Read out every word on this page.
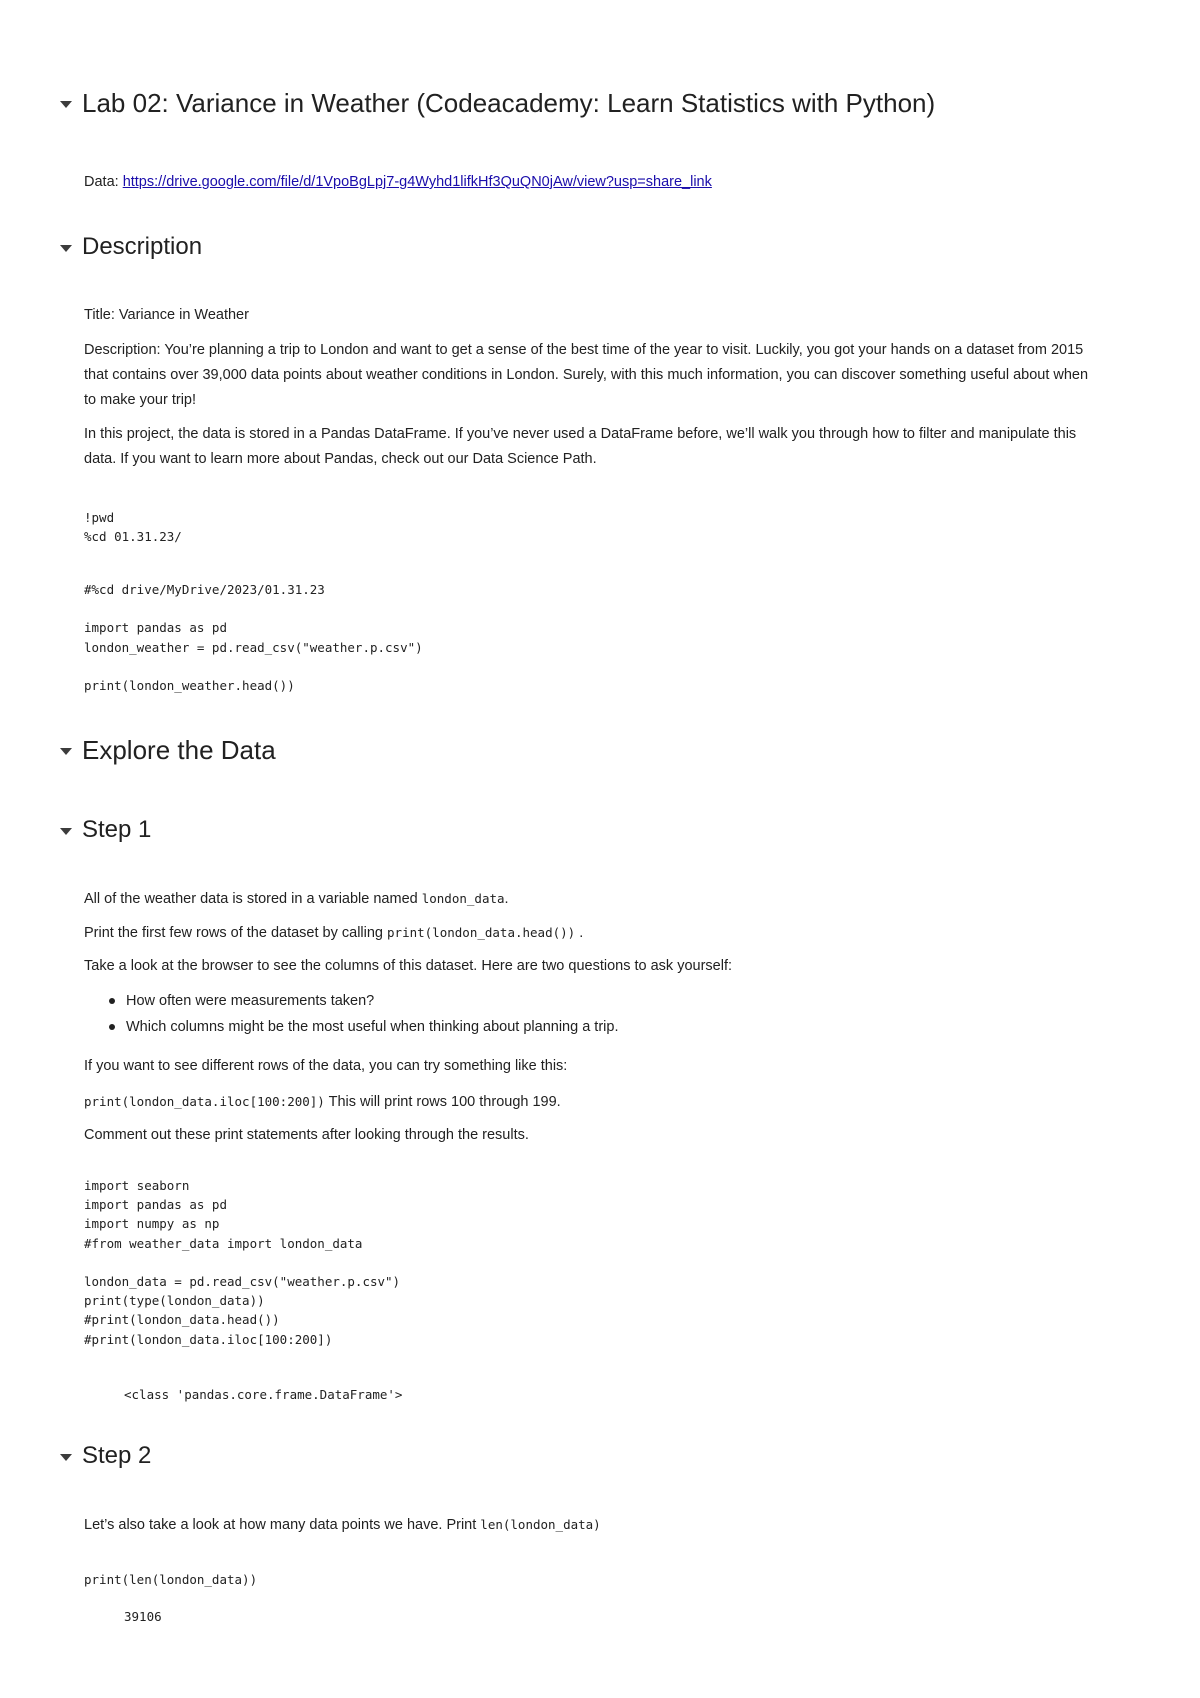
Lab 02: Variance in Weather (Codeacademy: Learn Statistics with Python)
Data: https://drive.google.com/file/d/1VpoBgLpj7-g4Wyhd1lifkHf3QuQN0jAw/view?usp=share_link
Description
Title: Variance in Weather
Description: You’re planning a trip to London and want to get a sense of the best time of the year to visit. Luckily, you got your hands on a dataset from 2015 that contains over 39,000 data points about weather conditions in London. Surely, with this much information, you can discover something useful about when to make your trip!
In this project, the data is stored in a Pandas DataFrame. If you’ve never used a DataFrame before, we’ll walk you through how to filter and manipulate this data. If you want to learn more about Pandas, check out our Data Science Path.
!pwd
%cd 01.31.23/
#%cd drive/MyDrive/2023/01.31.23

import pandas as pd
london_weather = pd.read_csv("weather.p.csv")

print(london_weather.head())
Explore the Data
Step 1
All of the weather data is stored in a variable named london_data.
Print the first few rows of the dataset by calling print(london_data.head()) .
Take a look at the browser to see the columns of this dataset. Here are two questions to ask yourself:
How often were measurements taken?
Which columns might be the most useful when thinking about planning a trip.
If you want to see different rows of the data, you can try something like this:
print(london_data.iloc[100:200]) This will print rows 100 through 199.
Comment out these print statements after looking through the results.
import seaborn
import pandas as pd
import numpy as np
#from weather_data import london_data

london_data = pd.read_csv("weather.p.csv")
print(type(london_data))
#print(london_data.head())
#print(london_data.iloc[100:200])
<class 'pandas.core.frame.DataFrame'>
Step 2
Let’s also take a look at how many data points we have. Print len(london_data)
print(len(london_data))
39106
